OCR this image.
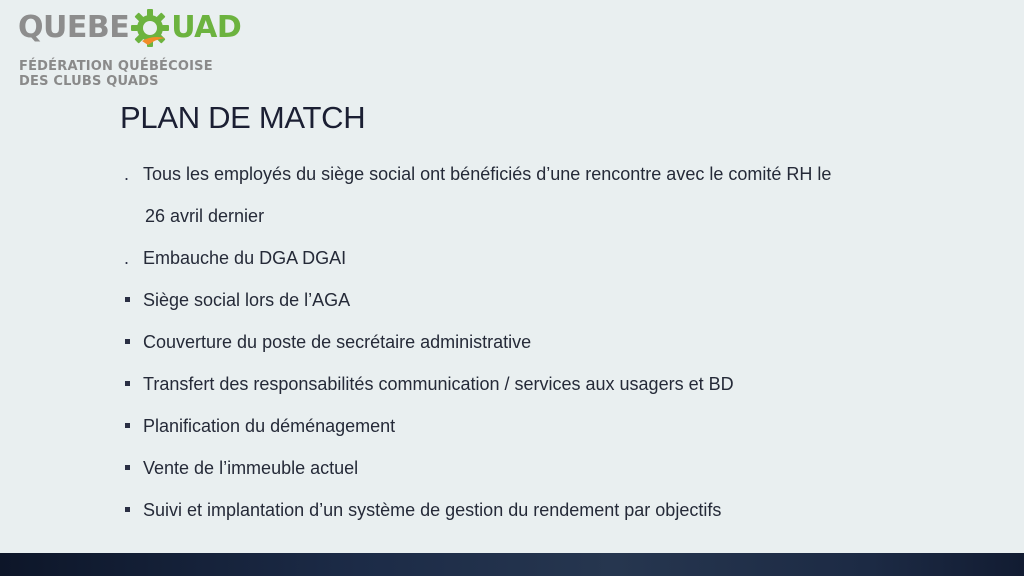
QUEBE UAD
FÉDÉRATION QUÉBÉCOISE
DES CLUBS QUADS
PLAN DE MATCH
. Tous les employés du siège social ont bénéficiés d’une rencontre avec le comité RH le
26 avril dernier
. Embauche du DGA DGAI
Siège social lors de l’AGA
Couverture du poste de secrétaire administrative
Transfert des responsabilités communication / services aux usagers et BD
Planification du déménagement
Vente de l’immeuble actuel
Suivi et implantation d’un système de gestion du rendement par objectifs
